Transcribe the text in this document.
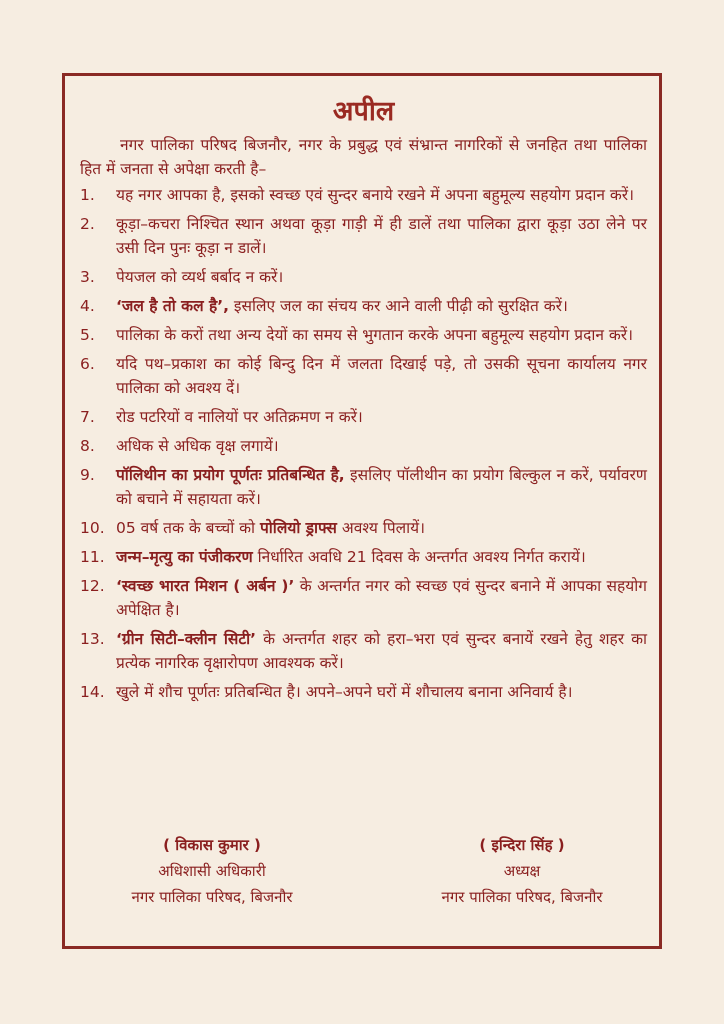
अपील

नगर पालिका परिषद बिजनौर, नगर के प्रबुद्ध एवं संभ्रान्त नागरिकों से जनहित तथा पालिका हित में जनता से अपेक्षा करती है–

1.	यह नगर आपका है, इसको स्वच्छ एवं सुन्दर बनाये रखने में अपना बहुमूल्य सहयोग प्रदान करें।
2.	कूड़ा–कचरा निश्चित स्थान अथवा कूड़ा गाड़ी में ही डालें तथा पालिका द्वारा कूड़ा उठा लेने पर उसी दिन पुनः कूड़ा न डालें।
3.	पेयजल को व्यर्थ बर्बाद न करें।
4.	‘जल है तो कल है’, इसलिए जल का संचय कर आने वाली पीढ़ी को सुरक्षित करें।
5.	पालिका के करों तथा अन्य देयों का समय से भुगतान करके अपना बहुमूल्य सहयोग प्रदान करें।
6.	यदि पथ–प्रकाश का कोई बिन्दु दिन में जलता दिखाई पड़े, तो उसकी सूचना कार्यालय नगर पालिका को अवश्य दें।
7.	रोड पटरियों व नालियों पर अतिक्रमण न करें।
8.	अधिक से अधिक वृक्ष लगायें।
9.	पॉलिथीन का प्रयोग पूर्णतः प्रतिबन्धित है, इसलिए पॉलीथीन का प्रयोग बिल्कुल न करें, पर्यावरण को बचाने में सहायता करें।
10. 05 वर्ष तक के बच्चों को पोलियो ड्राफ्स अवश्य पिलायें।
11. जन्म–मृत्यु का पंजीकरण निर्धारित अवधि 21 दिवस के अन्तर्गत अवश्य निर्गत करायें।
12. ‘स्वच्छ भारत मिशन ( अर्बन )’ के अन्तर्गत नगर को स्वच्छ एवं सुन्दर बनाने में आपका सहयोग अपेक्षित है।
13. ‘ग्रीन सिटी–क्लीन सिटी’ के अन्तर्गत शहर को हरा–भरा एवं सुन्दर बनायें रखने हेतु शहर का प्रत्येक नागरिक वृक्षारोपण आवश्यक करें।
14. खुले में शौच पूर्णतः प्रतिबन्धित है। अपने–अपने घरों में शौचालय बनाना अनिवार्य है।
( विकास कुमार )
अधिशासी अधिकारी
नगर पालिका परिषद, बिजनौर
( इन्दिरा सिंह )
अध्यक्ष
नगर पालिका परिषद, बिजनौर
